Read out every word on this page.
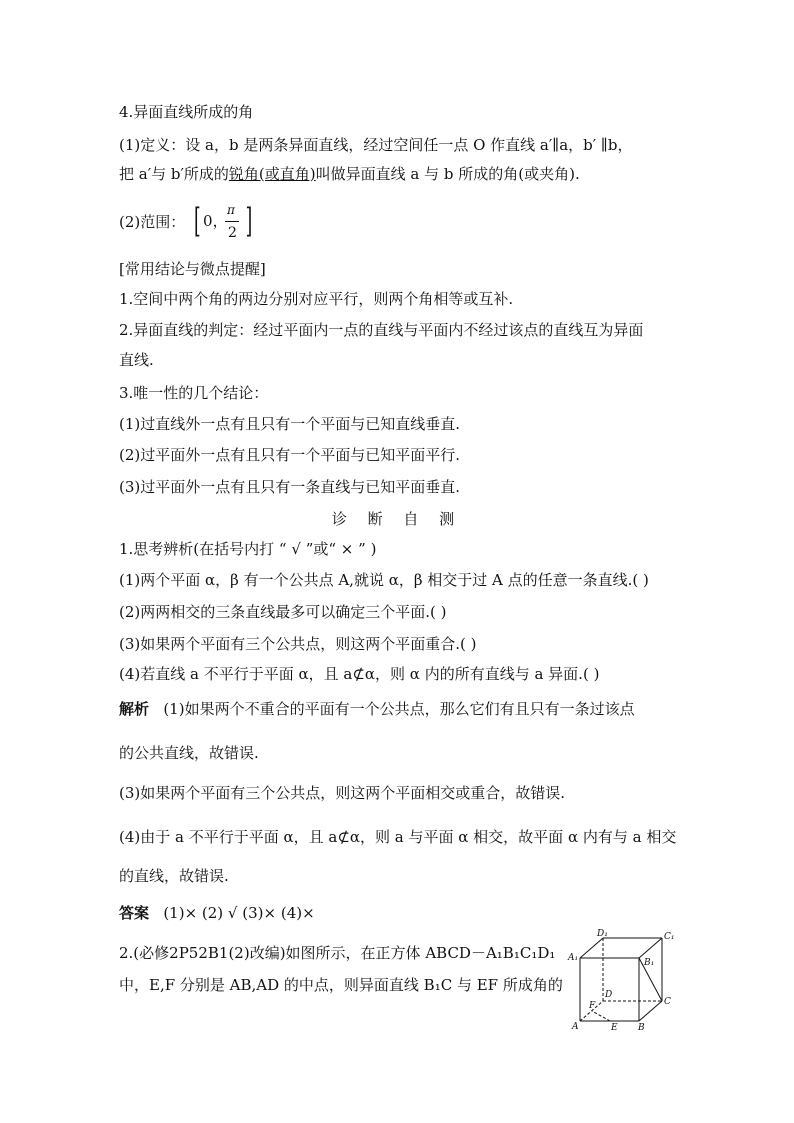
4.异面直线所成的角
(1)定义：设 a，b 是两条异面直线，经过空间任一点 O 作直线 a′∥a，b′ ∥b，
把 a′与 b′所成的锐角(或直角)叫做异面直线 a 与 b 所成的角(或夹角).
(2)范围： [ 0，
π
2 ]
[常用结论与微点提醒]
1.空间中两个角的两边分别对应平行，则两个角相等或互补.
2.异面直线的判定：经过平面内一点的直线与平面内不经过该点的直线互为异面
直线.
3.唯一性的几个结论：
(1)过直线外一点有且只有一个平面与已知直线垂直.
(2)过平面外一点有且只有一个平面与已知平面平行.
(3)过平面外一点有且只有一条直线与已知平面垂直.
诊 断 自 测
1.思考辨析(在括号内打 “ √ ”或“ × ” )
(1)两个平面 α，β 有一个公共点 A,就说 α，β 相交于过 A 点的任意一条直线.( )
(2)两两相交的三条直线最多可以确定三个平面.( )
(3)如果两个平面有三个公共点，则这两个平面重合.( )
(4)若直线 a 不平行于平面 α，且 a⊄α，则 α 内的所有直线与 a 异面.( )
解析 (1)如果两个不重合的平面有一个公共点，那么它们有且只有一条过该点
的公共直线，故错误.
(3)如果两个平面有三个公共点，则这两个平面相交或重合，故错误.
(4)由于 a 不平行于平面 α，且 a⊄α，则 a 与平面 α 相交，故平面 α 内有与 a 相交
的直线，故错误.
答案 (1)× (2) √ (3)× (4)×
2.(必修2P52B1(2)改编)如图所示，在正方体 ABCD－A₁B₁C₁D₁
中，E,F 分别是 AB,AD 的中点，则异面直线 B₁C 与 EF 所成角的
D₁	C₁
A₁	B₁
D
C
F
A	E B
